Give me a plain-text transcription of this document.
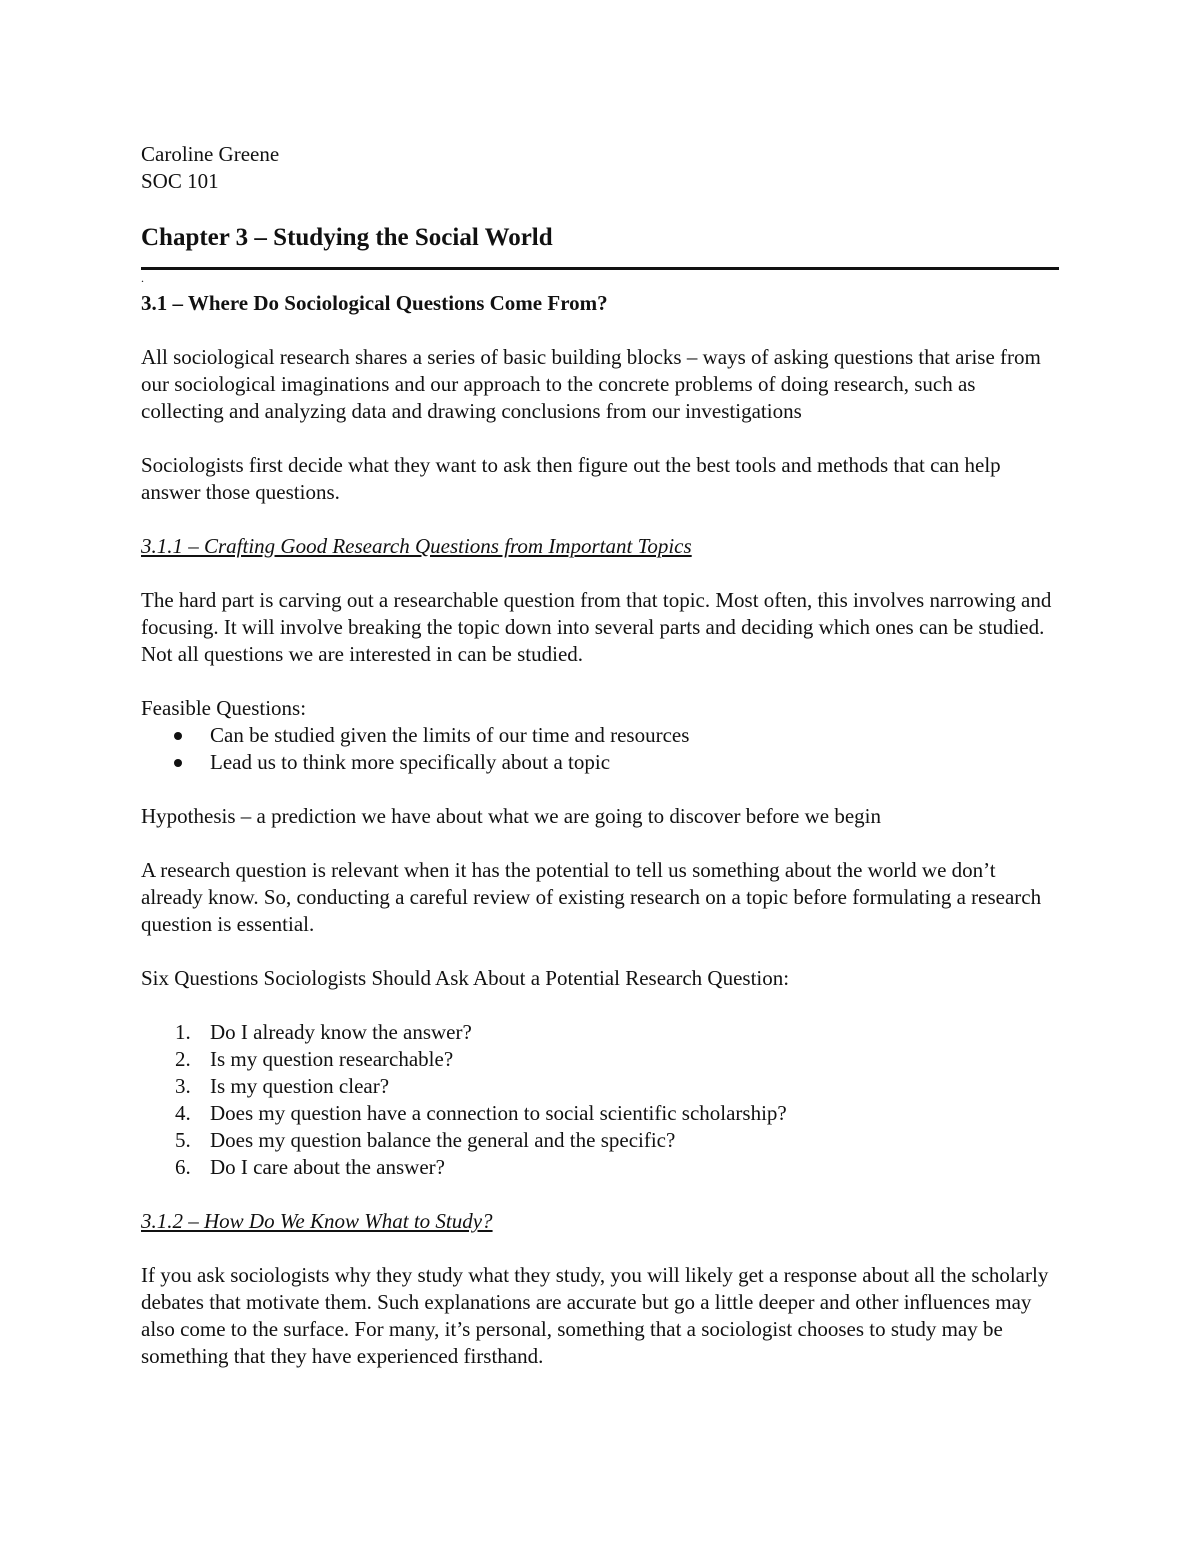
Caroline Greene

SOC 101

Chapter 3 – Studying the Social World

.

3.1 – Where Do Sociological Questions Come From?

All sociological research shares a series of basic building blocks – ways of asking questions that arise from our sociological imaginations and our approach to the concrete problems of doing research, such as collecting and analyzing data and drawing conclusions from our investigations

Sociologists first decide what they want to ask then figure out the best tools and methods that can help answer those questions.

3.1.1 – Crafting Good Research Questions from Important Topics

The hard part is carving out a researchable question from that topic. Most often, this involves narrowing and focusing. It will involve breaking the topic down into several parts and deciding which ones can be studied. Not all questions we are interested in can be studied.

Feasible Questions:

Can be studied given the limits of our time and resources
Lead us to think more specifically about a topic

Hypothesis – a prediction we have about what we are going to discover before we begin

A research question is relevant when it has the potential to tell us something about the world we don’t already know. So, conducting a careful review of existing research on a topic before formulating a research question is essential.

Six Questions Sociologists Should Ask About a Potential Research Question:

1. Do I already know the answer?
2. Is my question researchable?
3. Is my question clear?
4. Does my question have a connection to social scientific scholarship?
5. Does my question balance the general and the specific?
6. Do I care about the answer?

3.1.2 – How Do We Know What to Study?

If you ask sociologists why they study what they study, you will likely get a response about all the scholarly debates that motivate them. Such explanations are accurate but go a little deeper and other influences may also come to the surface. For many, it’s personal, something that a sociologist chooses to study may be something that they have experienced firsthand.
